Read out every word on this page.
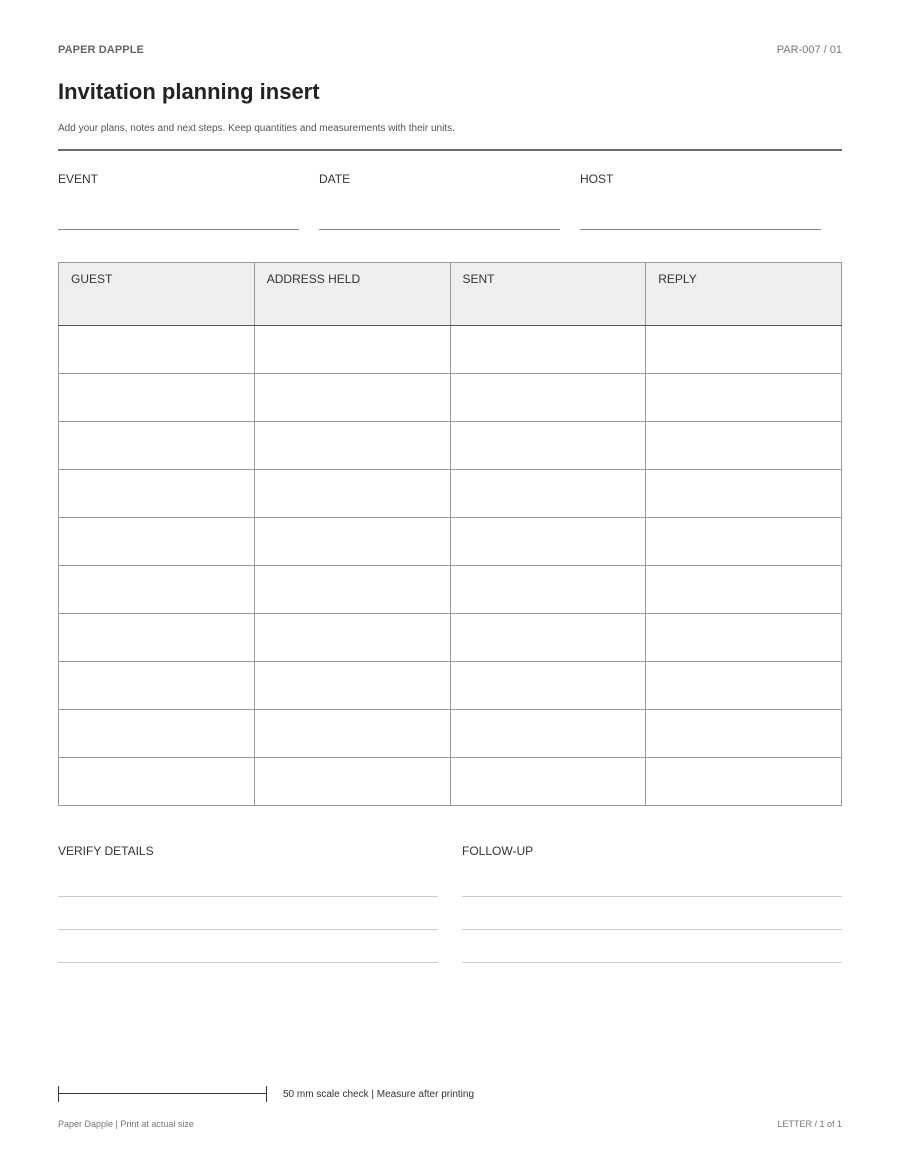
PAPER DAPPLE	PAR-007 / 01
Invitation planning insert
Add your plans, notes and next steps. Keep quantities and measurements with their units.
EVENT	DATE	HOST
GUEST	ADDRESS HELD	SENT	REPLY

VERIFY DETAILS	FOLLOW-UP
50 mm scale check | Measure after printing
Paper Dapple | Print at actual size	LETTER / 1 of 1
